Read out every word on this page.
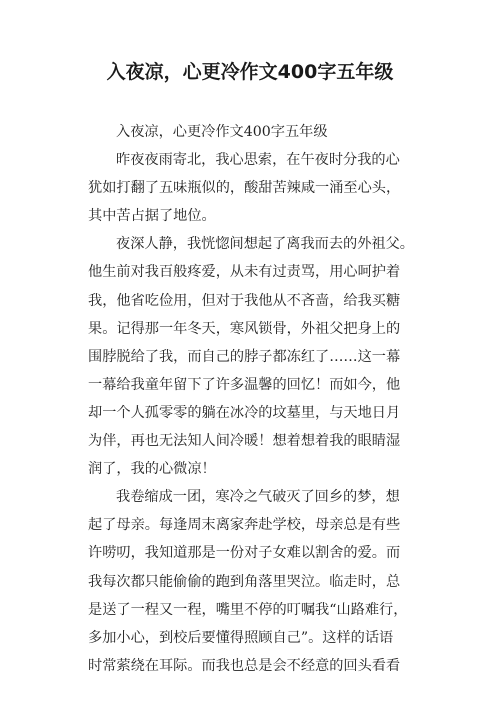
入夜凉，心更冷作文400字五年级
入夜凉，心更冷作文400字五年级
昨夜夜雨寄北，我心思索，在午夜时分我的心
犹如打翻了五味瓶似的，酸甜苦辣咸一涌至心头，
其中苦占据了地位。
夜深人静，我恍惚间想起了离我而去的外祖父。
他生前对我百般疼爱，从未有过责骂，用心呵护着
我，他省吃俭用，但对于我他从不吝啬，给我买糖
果。记得那一年冬天，寒风锁骨，外祖父把身上的
围脖脱给了我，而自己的脖子都冻红了……这一幕
一幕给我童年留下了许多温馨的回忆！而如今，他
却一个人孤零零的躺在冰冷的坟墓里，与天地日月
为伴，再也无法知人间冷暖！想着想着我的眼睛湿
润了，我的心微凉！
我卷缩成一团，寒冷之气破灭了回乡的梦，想
起了母亲。每逢周末离家奔赴学校，母亲总是有些
许唠叨，我知道那是一份对子女难以割舍的爱。而
我每次都只能偷偷的跑到角落里哭泣。临走时，总
是送了一程又一程，嘴里不停的叮嘱我“山路难行，
多加小心，到校后要懂得照顾自己”。这样的话语
时常萦绕在耳际。而我也总是会不经意的回头看看
